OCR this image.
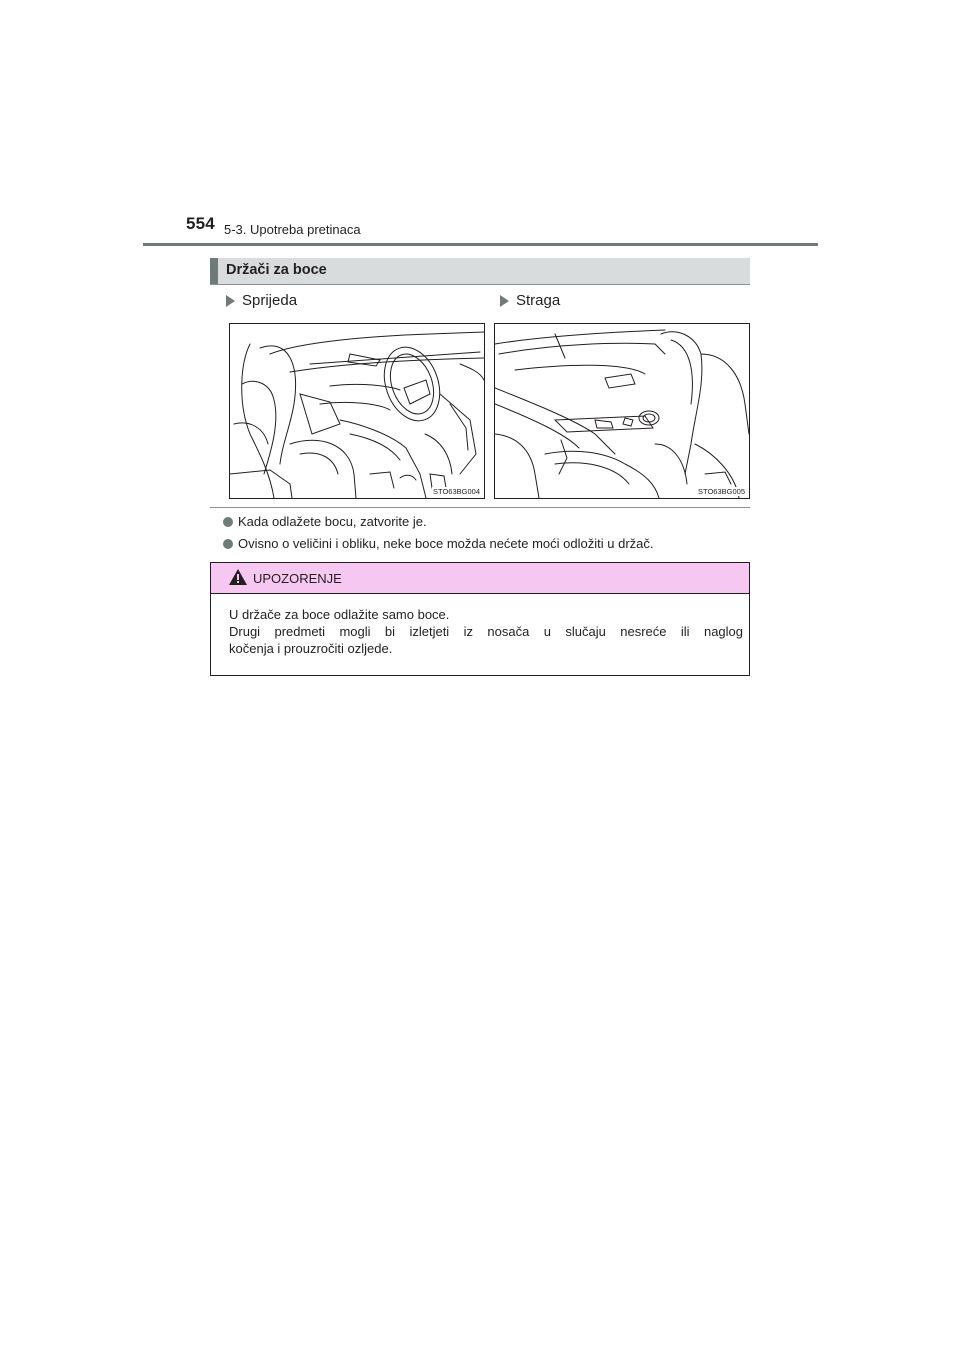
554 5-3. Upotreba pretinaca
Držači za boce
Sprijeda	Straga
STO63BG004	STO63BG005
Kada odlažete bocu, zatvorite je.
Ovisno o veličini i obliku, neke boce možda nećete moći odložiti u držač.
UPOZORENJE

U držače za boce odlažite samo boce.

Drugi predmeti mogli bi izletjeti iz nosača u slučaju nesreće ili naglog

kočenja i prouzročiti ozljede.
